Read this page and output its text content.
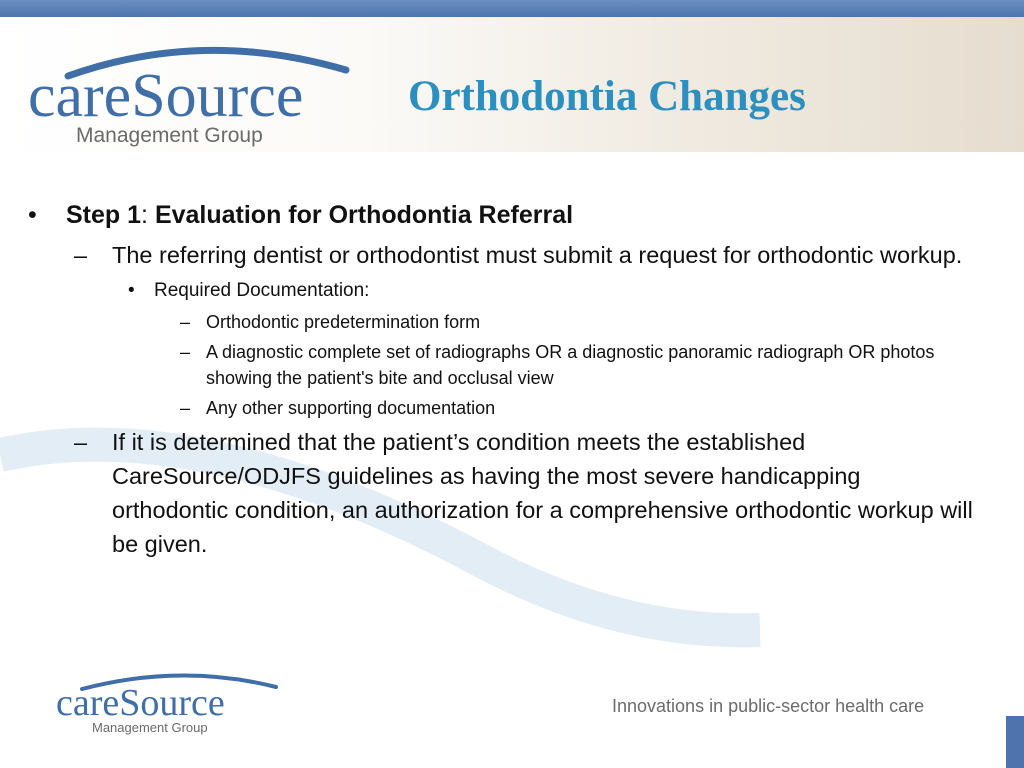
careSource
Management Group
Orthodontia Changes
• Step 1: Evaluation for Orthodontia Referral
– The referring dentist or orthodontist must submit a request for orthodontic workup.
• Required Documentation:
– Orthodontic predetermination form
– A diagnostic complete set of radiographs OR a diagnostic panoramic radiograph OR photos showing the patient's bite and occlusal view
– Any other supporting documentation
– If it is determined that the patient’s condition meets the established CareSource/ODJFS guidelines as having the most severe handicapping orthodontic condition, an authorization for a comprehensive orthodontic workup will be given.
careSource
Management Group
Innovations in public-sector health care
